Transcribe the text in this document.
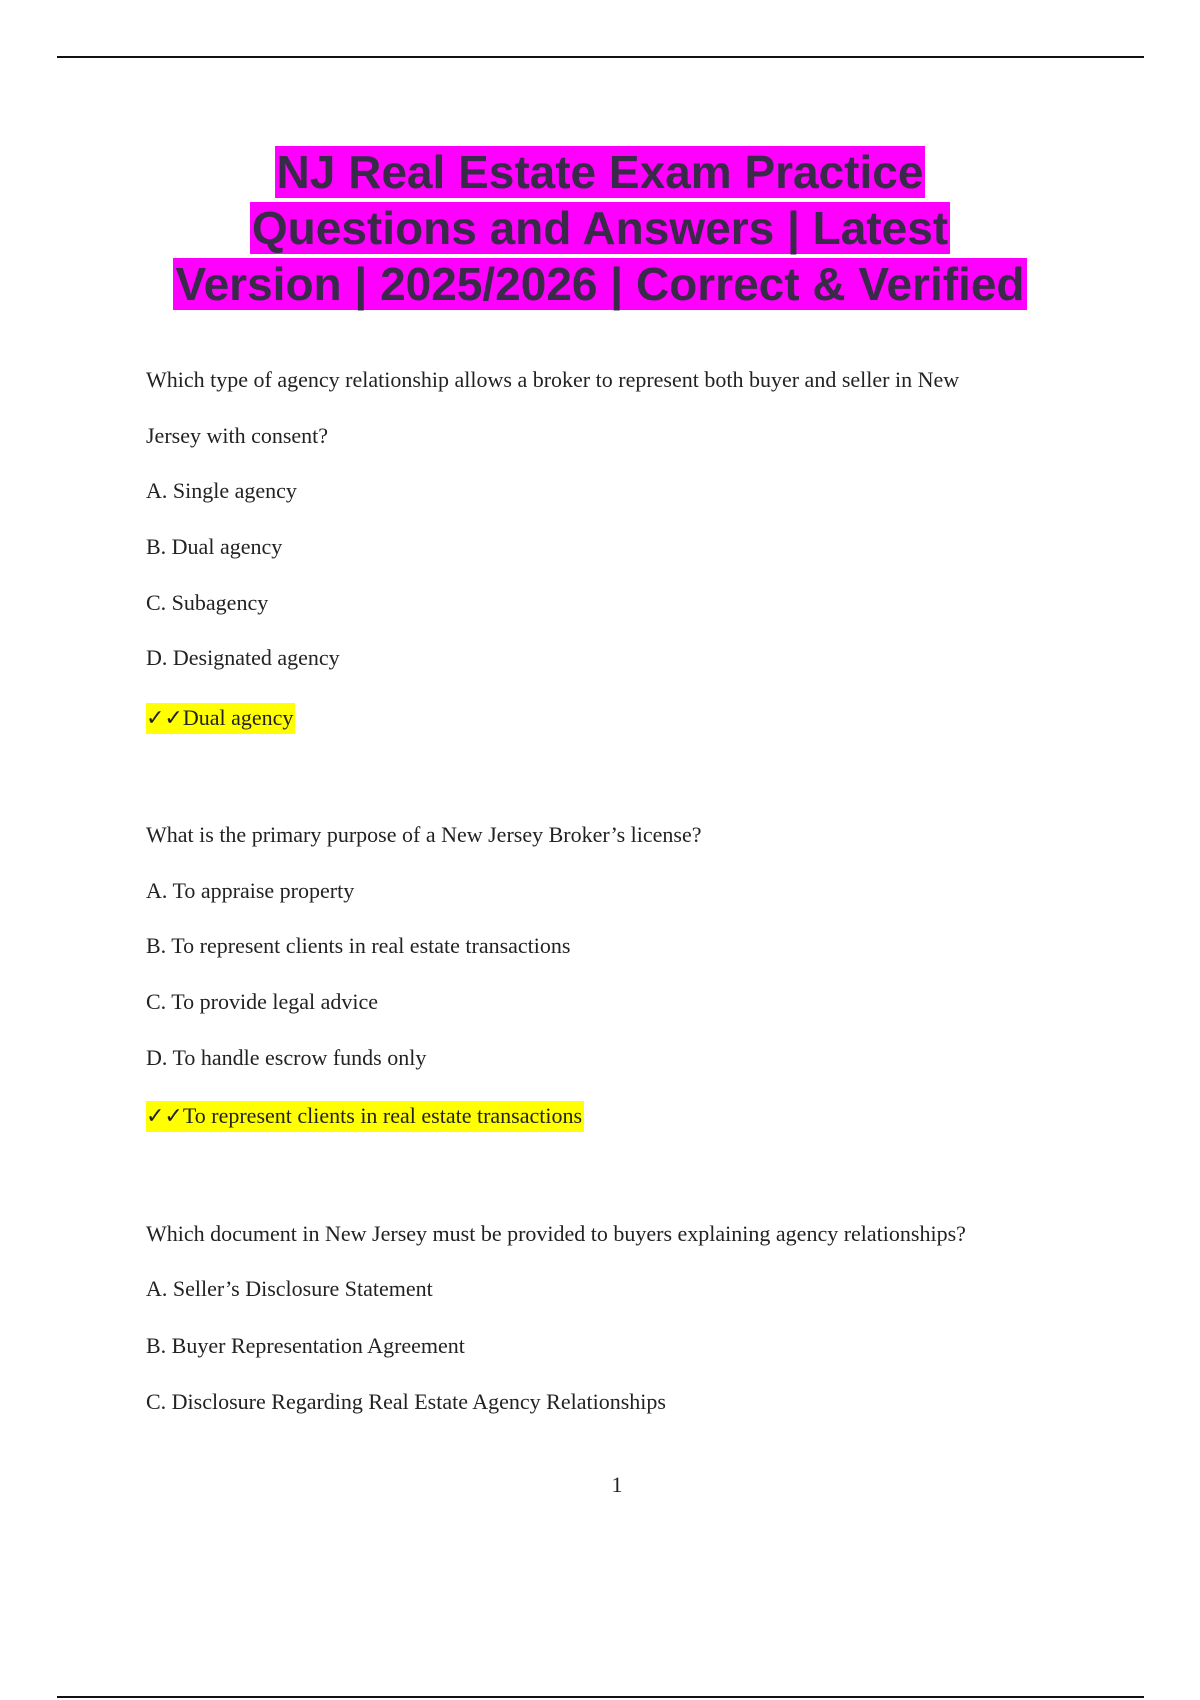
NJ Real Estate Exam Practice
Questions and Answers | Latest
Version | 2025/2026 | Correct & Verified
Which type of agency relationship allows a broker to represent both buyer and seller in New
Jersey with consent?
A. Single agency
B. Dual agency
C. Subagency
D. Designated agency
✓✓Dual agency
What is the primary purpose of a New Jersey Broker’s license?
A. To appraise property
B. To represent clients in real estate transactions
C. To provide legal advice
D. To handle escrow funds only
✓✓To represent clients in real estate transactions
Which document in New Jersey must be provided to buyers explaining agency relationships?
A. Seller’s Disclosure Statement
B. Buyer Representation Agreement
C. Disclosure Regarding Real Estate Agency Relationships
1
